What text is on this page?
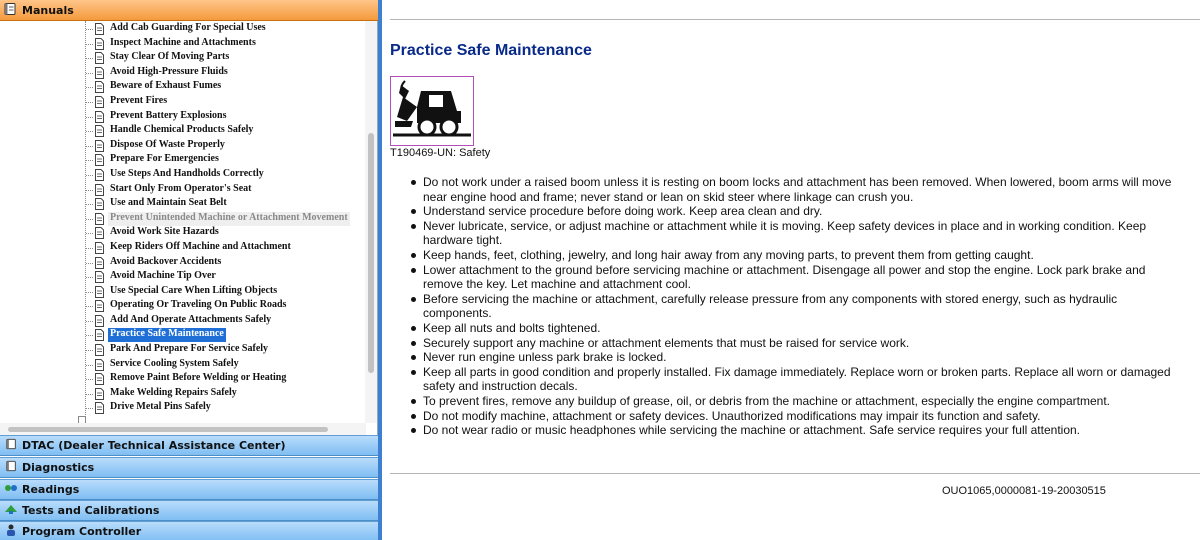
Manuals
Add Cab Guarding For Special Uses
Inspect Machine and Attachments
Stay Clear Of Moving Parts
Avoid High-Pressure Fluids
Beware of Exhaust Fumes
Prevent Fires
Prevent Battery Explosions
Handle Chemical Products Safely
Dispose Of Waste Properly
Prepare For Emergencies
Use Steps And Handholds Correctly
Start Only From Operator's Seat
Use and Maintain Seat Belt
Prevent Unintended Machine or Attachment Movement
Avoid Work Site Hazards
Keep Riders Off Machine and Attachment
Avoid Backover Accidents
Avoid Machine Tip Over
Use Special Care When Lifting Objects
Operating Or Traveling On Public Roads
Add And Operate Attachments Safely
Practice Safe Maintenance
Park And Prepare For Service Safely
Service Cooling System Safely
Remove Paint Before Welding or Heating
Make Welding Repairs Safely
Drive Metal Pins Safely
DTAC (Dealer Technical Assistance Center)
Diagnostics
Readings
Tests and Calibrations
Program Controller
Practice Safe Maintenance
T190469-UN: Safety
Do not work under a raised boom unless it is resting on boom locks and attachment has been removed. When lowered, boom arms will move
near engine hood and frame; never stand or lean on skid steer where linkage can crush you.
Understand service procedure before doing work. Keep area clean and dry.
Never lubricate, service, or adjust machine or attachment while it is moving. Keep safety devices in place and in working condition. Keep
hardware tight.
Keep hands, feet, clothing, jewelry, and long hair away from any moving parts, to prevent them from getting caught.
Lower attachment to the ground before servicing machine or attachment. Disengage all power and stop the engine. Lock park brake and
remove the key. Let machine and attachment cool.
Before servicing the machine or attachment, carefully release pressure from any components with stored energy, such as hydraulic
components.
Keep all nuts and bolts tightened.
Securely support any machine or attachment elements that must be raised for service work.
Never run engine unless park brake is locked.
Keep all parts in good condition and properly installed. Fix damage immediately. Replace worn or broken parts. Replace all worn or damaged
safety and instruction decals.
To prevent fires, remove any buildup of grease, oil, or debris from the machine or attachment, especially the engine compartment.
Do not modify machine, attachment or safety devices. Unauthorized modifications may impair its function and safety.
Do not wear radio or music headphones while servicing the machine or attachment. Safe service requires your full attention.
OUO1065,0000081-19-20030515
